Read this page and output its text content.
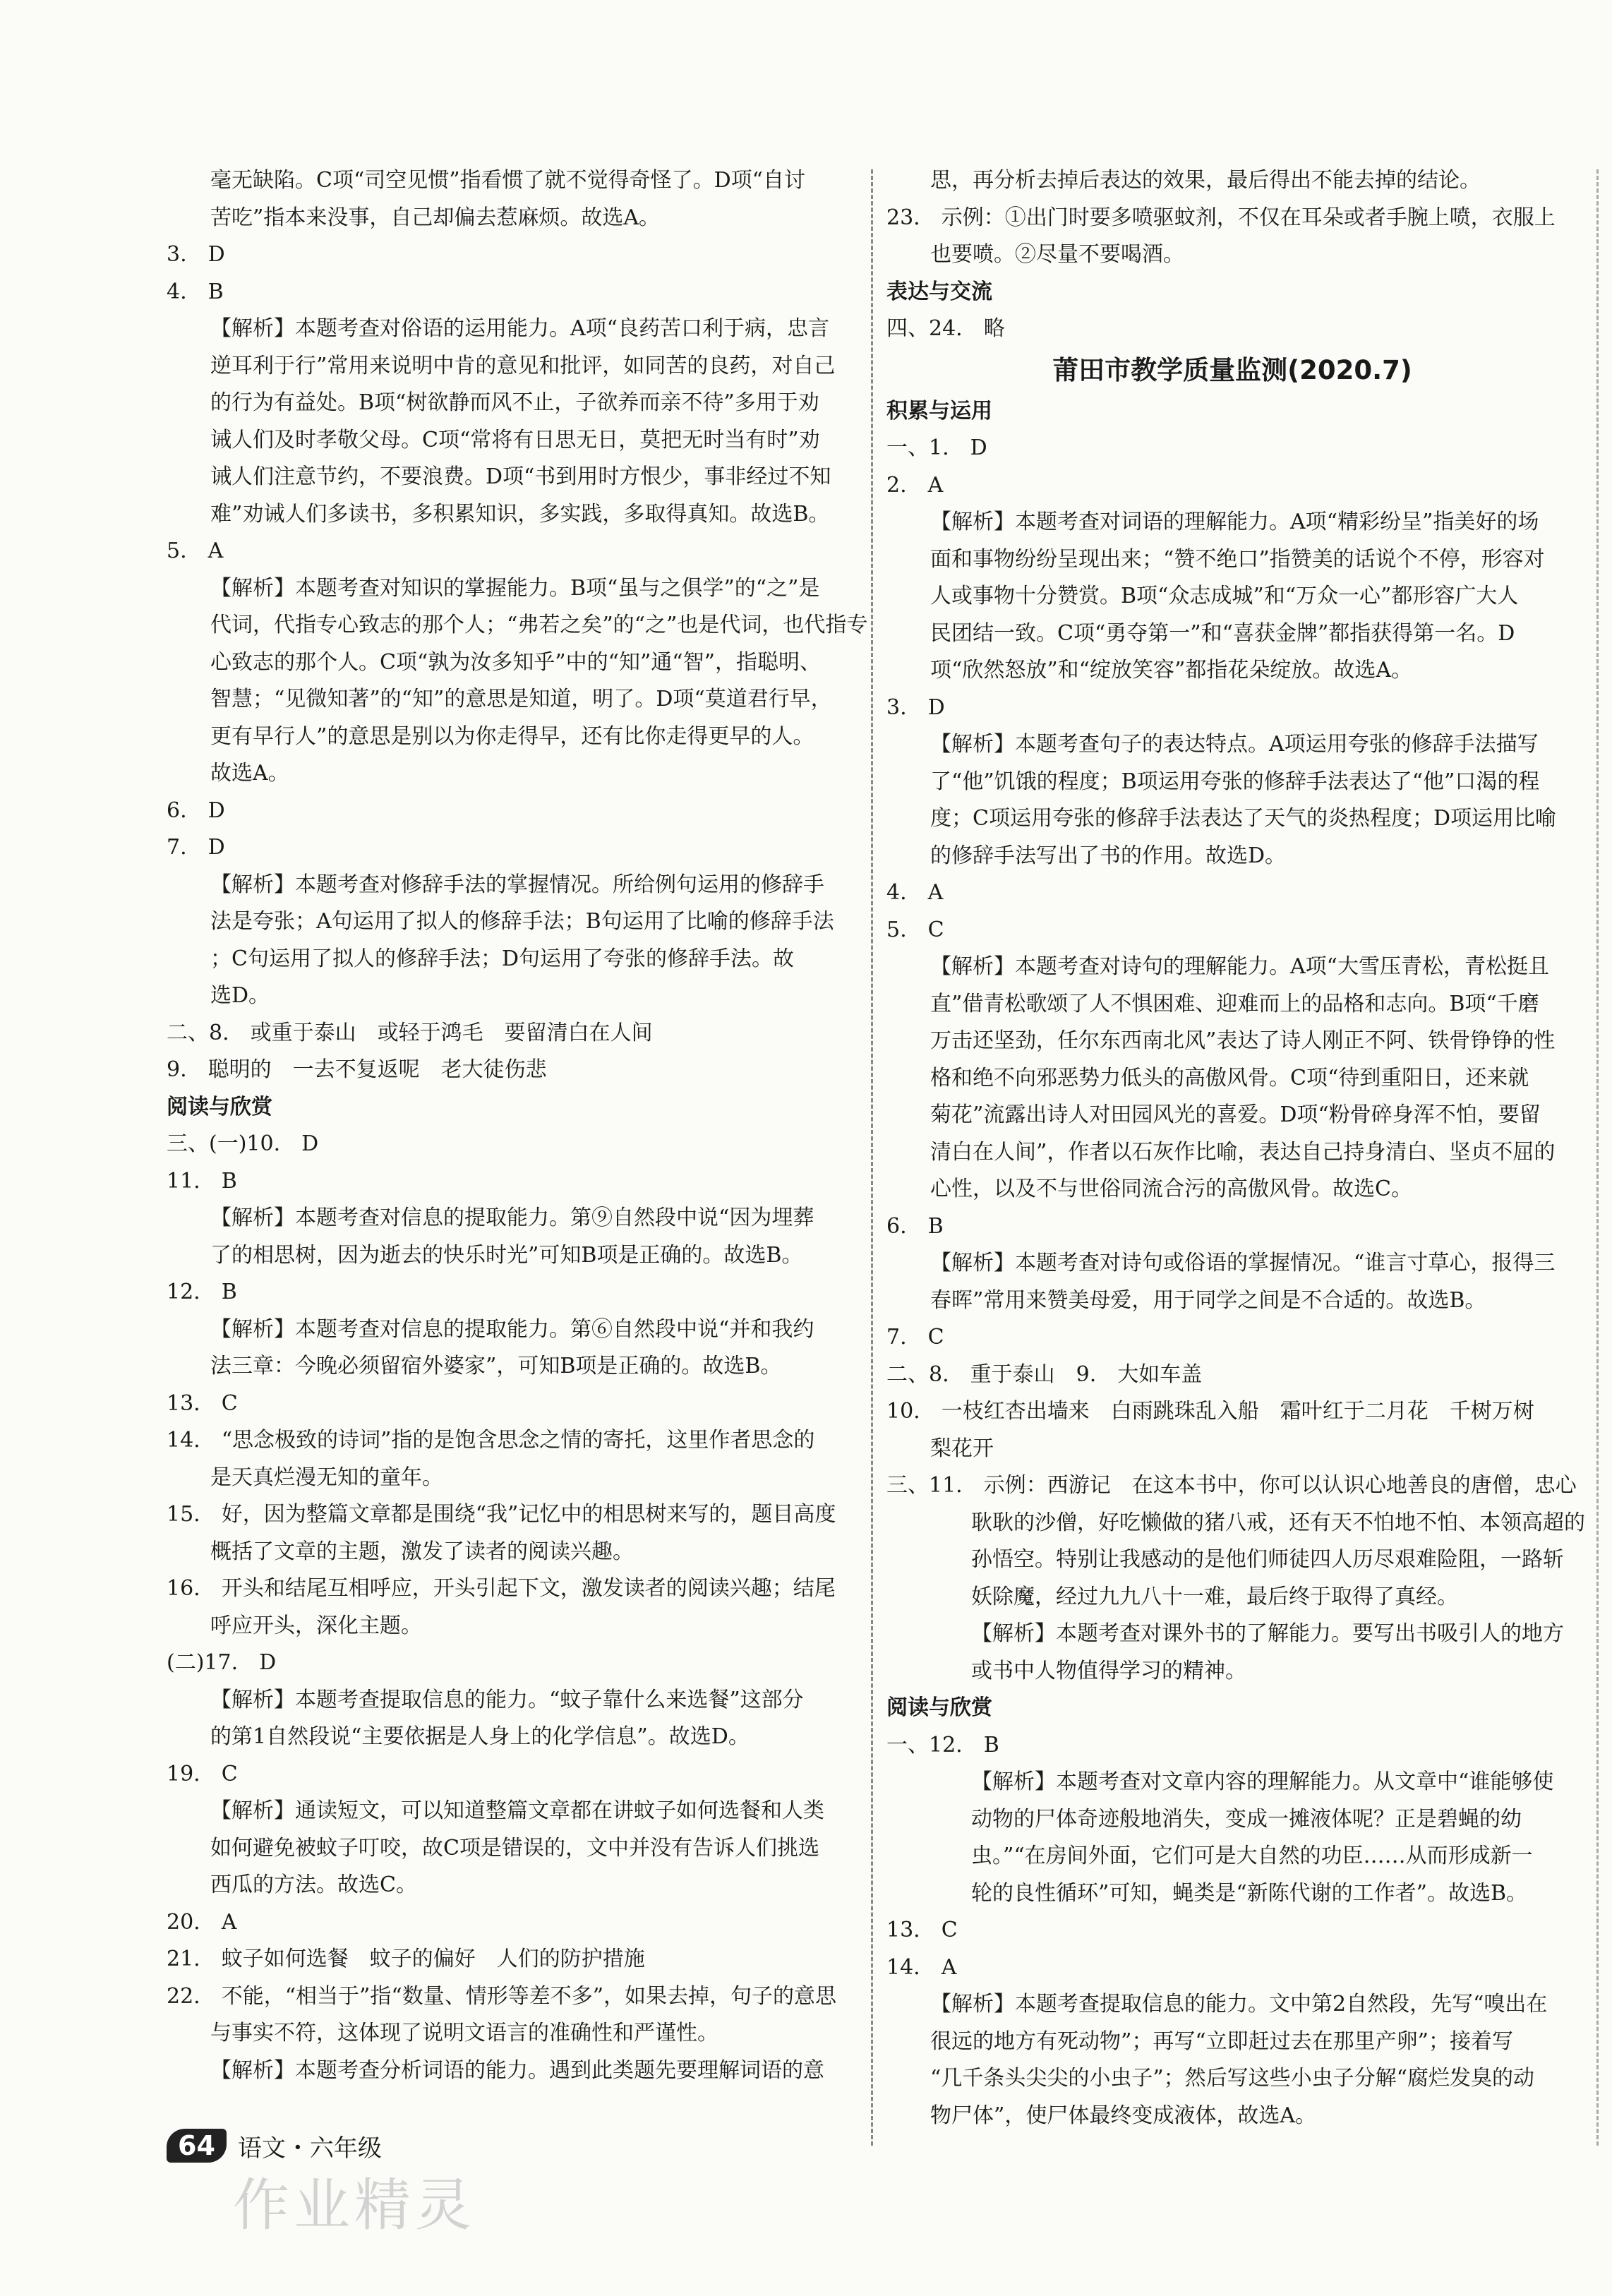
毫无缺陷。C项“司空见惯”指看惯了就不觉得奇怪了。D项“自讨
苦吃”指本来没事，自己却偏去惹麻烦。故选A。
3.　D
4.　B
【解析】本题考查对俗语的运用能力。A项“良药苦口利于病，忠言
逆耳利于行”常用来说明中肯的意见和批评，如同苦的良药，对自己
的行为有益处。B项“树欲静而风不止，子欲养而亲不待”多用于劝
诫人们及时孝敬父母。C项“常将有日思无日，莫把无时当有时”劝
诫人们注意节约，不要浪费。D项“书到用时方恨少，事非经过不知
难”劝诫人们多读书，多积累知识，多实践，多取得真知。故选B。
5.　A
【解析】本题考查对知识的掌握能力。B项“虽与之俱学”的“之”是
代词，代指专心致志的那个人；“弗若之矣”的“之”也是代词，也代指专
心致志的那个人。C项“孰为汝多知乎”中的“知”通“智”，指聪明、
智慧；“见微知著”的“知”的意思是知道，明了。D项“莫道君行早，
更有早行人”的意思是别以为你走得早，还有比你走得更早的人。
故选A。
6.　D
7.　D
【解析】本题考查对修辞手法的掌握情况。所给例句运用的修辞手
法是夸张；A句运用了拟人的修辞手法；B句运用了比喻的修辞手法
；C句运用了拟人的修辞手法；D句运用了夸张的修辞手法。故
选D。
二、8.　或重于泰山　或轻于鸿毛　要留清白在人间
9.　聪明的　一去不复返呢　老大徒伤悲
阅读与欣赏
三、(一)10.　D
11.　B
【解析】本题考查对信息的提取能力。第⑨自然段中说“因为埋葬
了的相思树，因为逝去的快乐时光”可知B项是正确的。故选B。
12.　B
【解析】本题考查对信息的提取能力。第⑥自然段中说“并和我约
法三章：今晚必须留宿外婆家”，可知B项是正确的。故选B。
13.　C
14.　“思念极致的诗词”指的是饱含思念之情的寄托，这里作者思念的
是天真烂漫无知的童年。
15.　好，因为整篇文章都是围绕“我”记忆中的相思树来写的，题目高度
概括了文章的主题，激发了读者的阅读兴趣。
16.　开头和结尾互相呼应，开头引起下文，激发读者的阅读兴趣；结尾
呼应开头，深化主题。
(二)17.　D
【解析】本题考查提取信息的能力。“蚊子靠什么来选餐”这部分
的第1自然段说“主要依据是人身上的化学信息”。故选D。
19.　C
【解析】通读短文，可以知道整篇文章都在讲蚊子如何选餐和人类
如何避免被蚊子叮咬，故C项是错误的，文中并没有告诉人们挑选
西瓜的方法。故选C。
20.　A
21.　蚊子如何选餐　蚊子的偏好　人们的防护措施
22.　不能，“相当于”指“数量、情形等差不多”，如果去掉，句子的意思
与事实不符，这体现了说明文语言的准确性和严谨性。
【解析】本题考查分析词语的能力。遇到此类题先要理解词语的意
思，再分析去掉后表达的效果，最后得出不能去掉的结论。
23.　示例：①出门时要多喷驱蚊剂，不仅在耳朵或者手腕上喷，衣服上
也要喷。②尽量不要喝酒。
表达与交流
四、24.　略
莆田市教学质量监测(2020.7)
积累与运用
一、1.　D
2.　A
【解析】本题考查对词语的理解能力。A项“精彩纷呈”指美好的场
面和事物纷纷呈现出来；“赞不绝口”指赞美的话说个不停，形容对
人或事物十分赞赏。B项“众志成城”和“万众一心”都形容广大人
民团结一致。C项“勇夺第一”和“喜获金牌”都指获得第一名。D
项“欣然怒放”和“绽放笑容”都指花朵绽放。故选A。
3.　D
【解析】本题考查句子的表达特点。A项运用夸张的修辞手法描写
了“他”饥饿的程度；B项运用夸张的修辞手法表达了“他”口渴的程
度；C项运用夸张的修辞手法表达了天气的炎热程度；D项运用比喻
的修辞手法写出了书的作用。故选D。
4.　A
5.　C
【解析】本题考查对诗句的理解能力。A项“大雪压青松，青松挺且
直”借青松歌颂了人不惧困难、迎难而上的品格和志向。B项“千磨
万击还坚劲，任尔东西南北风”表达了诗人刚正不阿、铁骨铮铮的性
格和绝不向邪恶势力低头的高傲风骨。C项“待到重阳日，还来就
菊花”流露出诗人对田园风光的喜爱。D项“粉骨碎身浑不怕，要留
清白在人间”，作者以石灰作比喻，表达自己持身清白、坚贞不屈的
心性，以及不与世俗同流合污的高傲风骨。故选C。
6.　B
【解析】本题考查对诗句或俗语的掌握情况。“谁言寸草心，报得三
春晖”常用来赞美母爱，用于同学之间是不合适的。故选B。
7.　C
二、8.　重于泰山　9.　大如车盖
10.　一枝红杏出墙来　白雨跳珠乱入船　霜叶红于二月花　千树万树
梨花开
三、11.　示例：西游记　在这本书中，你可以认识心地善良的唐僧，忠心
耿耿的沙僧，好吃懒做的猪八戒，还有天不怕地不怕、本领高超的
孙悟空。特别让我感动的是他们师徒四人历尽艰难险阻，一路斩
妖除魔，经过九九八十一难，最后终于取得了真经。
【解析】本题考查对课外书的了解能力。要写出书吸引人的地方
或书中人物值得学习的精神。
阅读与欣赏
一、12.　B
【解析】本题考查对文章内容的理解能力。从文章中“谁能够使
动物的尸体奇迹般地消失，变成一摊液体呢？正是碧蝇的幼
虫。”“在房间外面，它们可是大自然的功臣……从而形成新一
轮的良性循环”可知，蝇类是“新陈代谢的工作者”。故选B。
13.　C
14.　A
【解析】本题考查提取信息的能力。文中第2自然段，先写“嗅出在
很远的地方有死动物”；再写“立即赶过去在那里产卵”；接着写
“几千条头尖尖的小虫子”；然后写这些小虫子分解“腐烂发臭的动
物尸体”，使尸体最终变成液体，故选A。
64 语文・六年级
作业精灵
